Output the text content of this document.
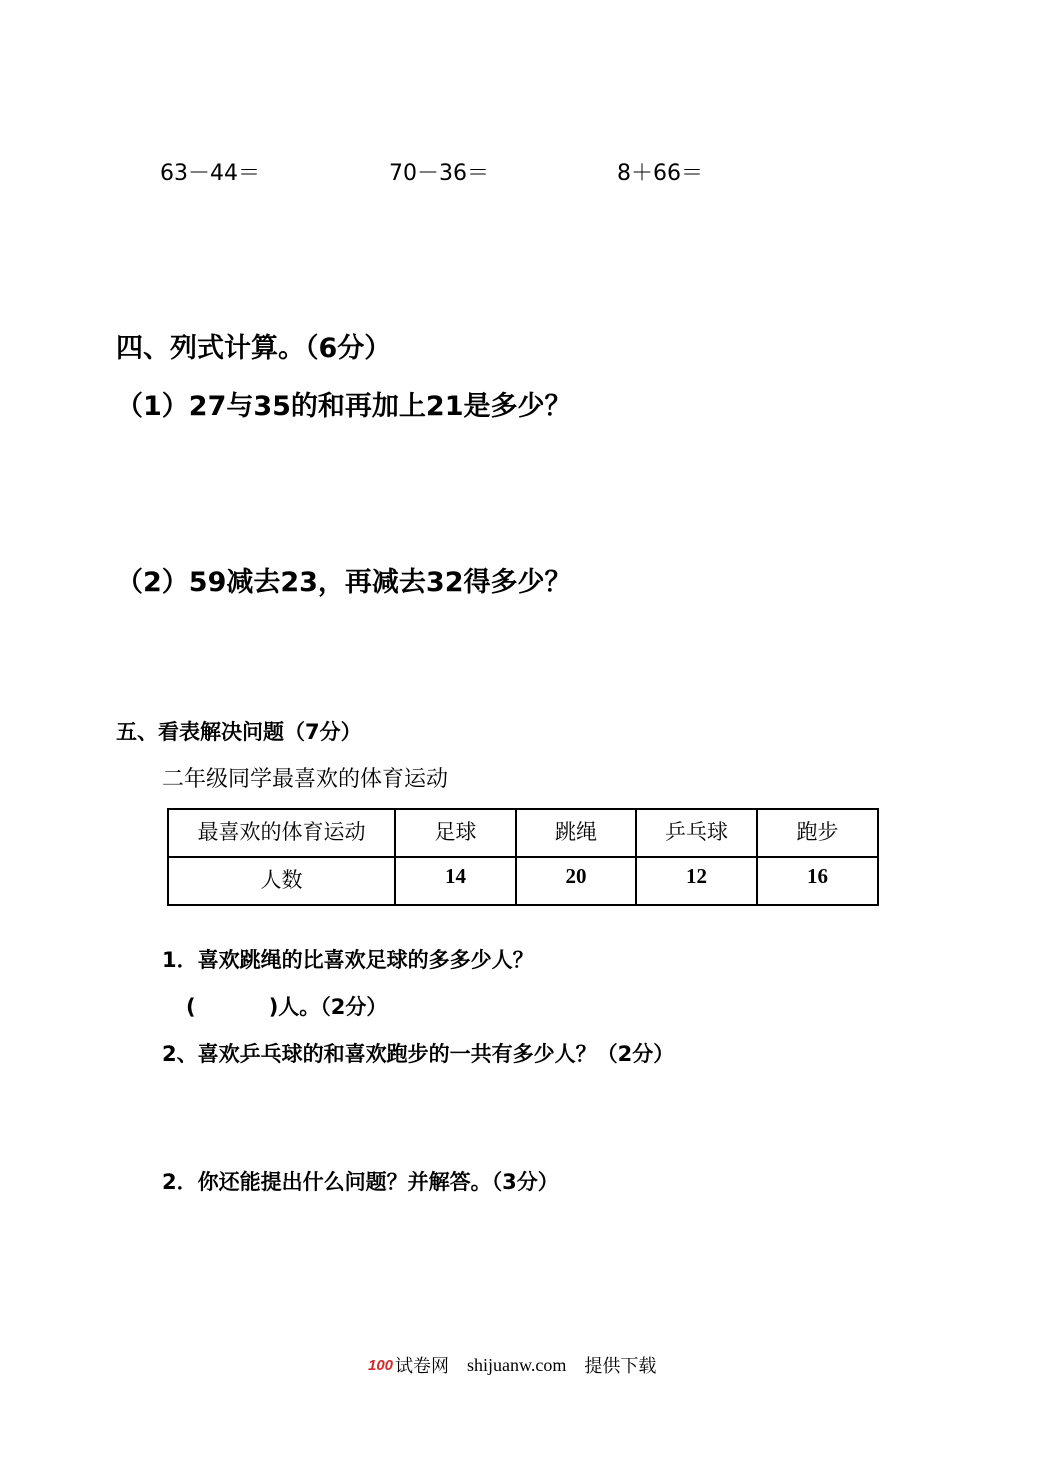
63－44＝	70－36＝	8＋66＝
四、列式计算。（6分）
（1）27与35的和再加上21是多少？
（2）59减去23，再减去32得多少？
五、看表解决问题（7分）
二年级同学最喜欢的体育运动
最喜欢的体育运动	足球	跳绳	乒乓球	跑步
人数	14	20	12	16
1．喜欢跳绳的比喜欢足球的多多少人？
(          )人。（2分）
2、喜欢乒乓球的和喜欢跑步的一共有多少人？（2分）
2．你还能提出什么问题？并解答。（3分）
100 试卷网 shijuanw.com 提供下载
